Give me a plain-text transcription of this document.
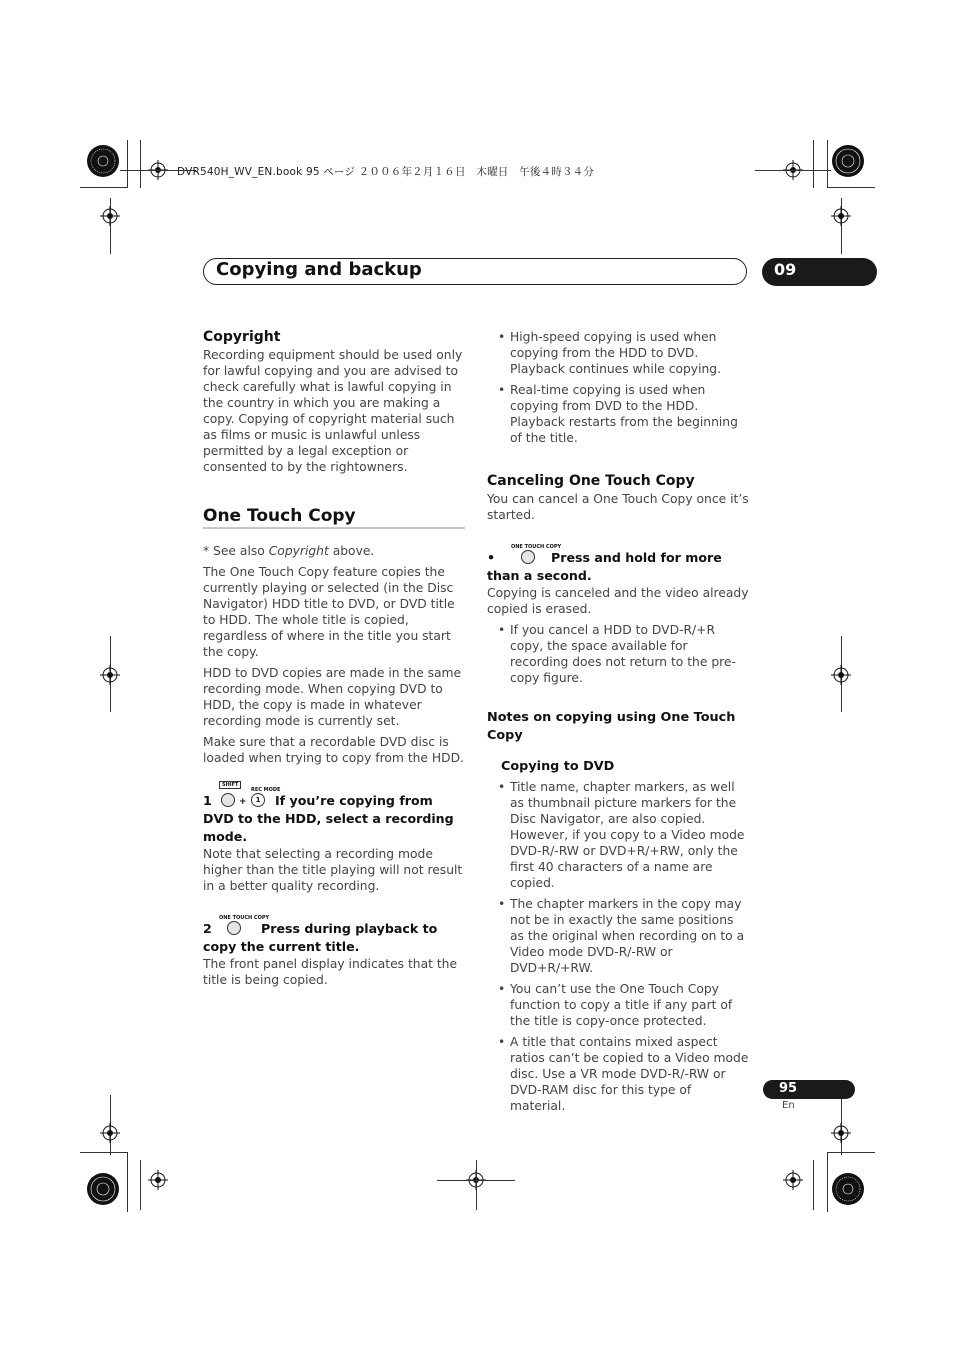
DVR540H_WV_EN.book 95 ページ ２００６年２月１６日　木曜日　午後４時３４分
Copying and backup	09
Copyright

Recording equipment should be used only for lawful copying and you are advised to check carefully what is lawful copying in the country in which you are making a copy. Copying of copyright material such as films or music is unlawful unless permitted by a legal exception or consented to by the rightowners.

One Touch Copy

* See also Copyright above.

The One Touch Copy feature copies the currently playing or selected (in the Disc Navigator) HDD title to DVD, or DVD title to HDD. The whole title is copied, regardless of where in the title you start the copy.

HDD to DVD copies are made in the same recording mode. When copying DVD to HDD, the copy is made in whatever recording mode is currently set.

Make sure that a recordable DVD disc is loaded when trying to copy from the HDD.

1
SHIFT
REC MODE
+	1	If you’re copying from DVD to the HDD, select a recording mode.

Note that selecting a recording mode higher than the title playing will not result in a better quality recording.

2
ONE TOUCH COPY
Press during playback to copy the current title.

The front panel display indicates that the title is being copied.

• High-speed copying is used when copying from the HDD to DVD. Playback continues while copying.
• Real-time copying is used when copying from DVD to the HDD. Playback restarts from the beginning of the title.
Canceling One Touch Copy

You can cancel a One Touch Copy once it’s started.

•
ONE TOUCH COPY
Press and hold for more than a second.

Copying is canceled and the video already copied is erased.

• If you cancel a HDD to DVD-R/+R copy, the space available for recording does not return to the pre-copy figure.
Notes on copying using One Touch Copy
Copying to DVD
• Title name, chapter markers, as well as thumbnail picture markers for the Disc Navigator, are also copied. However, if you copy to a Video mode DVD-R/-RW or DVD+R/+RW, only the first 40 characters of a name are copied.
• The chapter markers in the copy may not be in exactly the same positions as the original when recording on to a Video mode DVD-R/-RW or DVD+R/+RW.
• You can’t use the One Touch Copy function to copy a title if any part of the title is copy-once protected.
• A title that contains mixed aspect ratios can’t be copied to a Video mode disc. Use a VR mode DVD-R/-RW or DVD-RAM disc for this type of material.
95
En
